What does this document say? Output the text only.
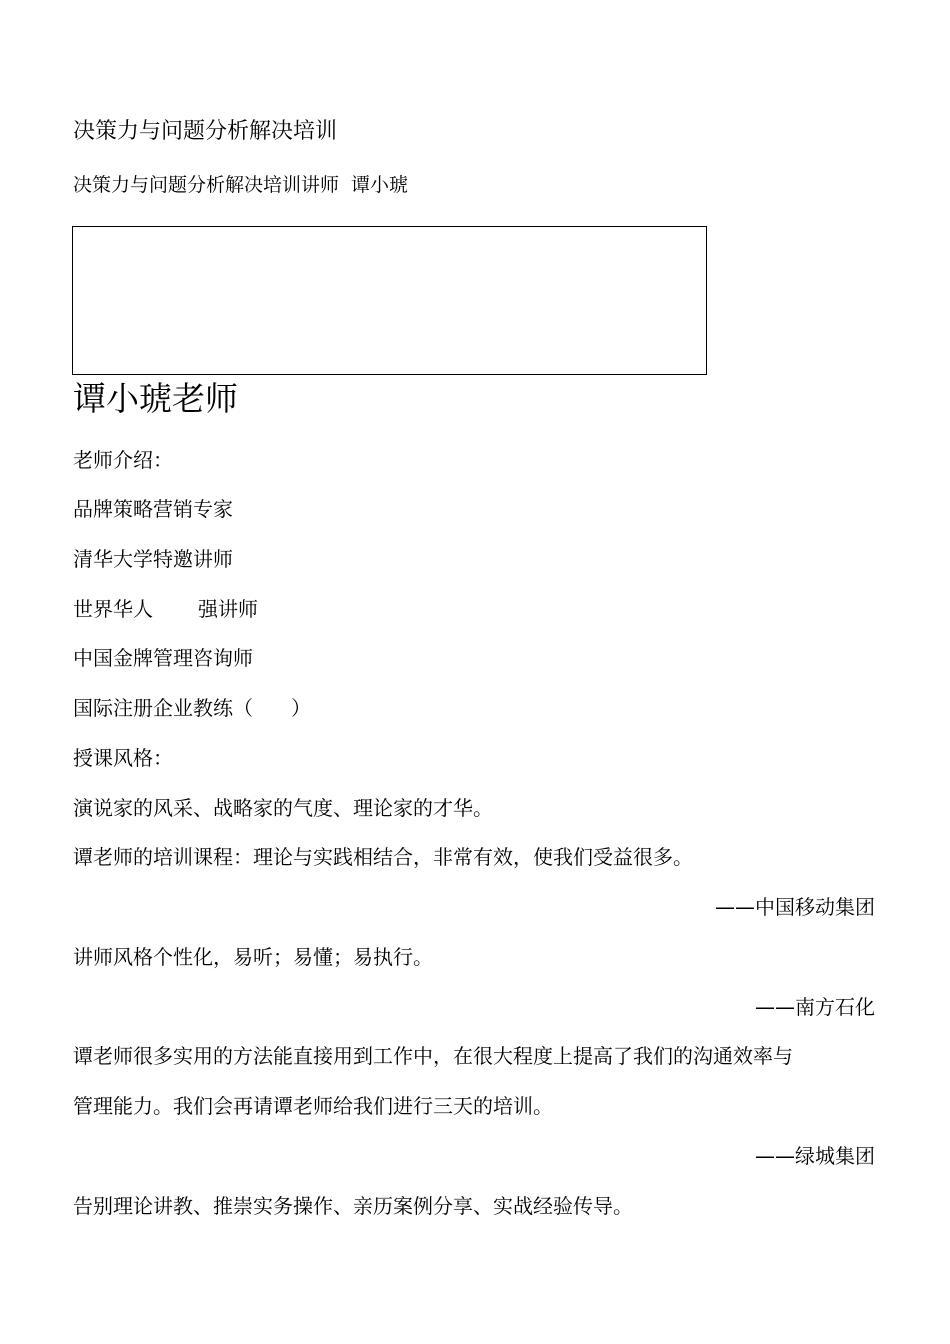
决策力与问题分析解决培训
决策力与问题分析解决培训讲师 谭小琥
谭小琥老师
老师介绍：
品牌策略营销专家
清华大学特邀讲师
世界华人 强讲师
中国金牌管理咨询师
国际注册企业教练（ ）
授课风格：
演说家的风采、战略家的气度、理论家的才华。
谭老师的培训课程：理论与实践相结合，非常有效，使我们受益很多。
——中国移动集团
讲师风格个性化，易听；易懂；易执行。
——南方石化
谭老师很多实用的方法能直接用到工作中，在很大程度上提高了我们的沟通效率与
管理能力。我们会再请谭老师给我们进行三天的培训。
——绿城集团
告别理论讲教、推崇实务操作、亲历案例分享、实战经验传导。
